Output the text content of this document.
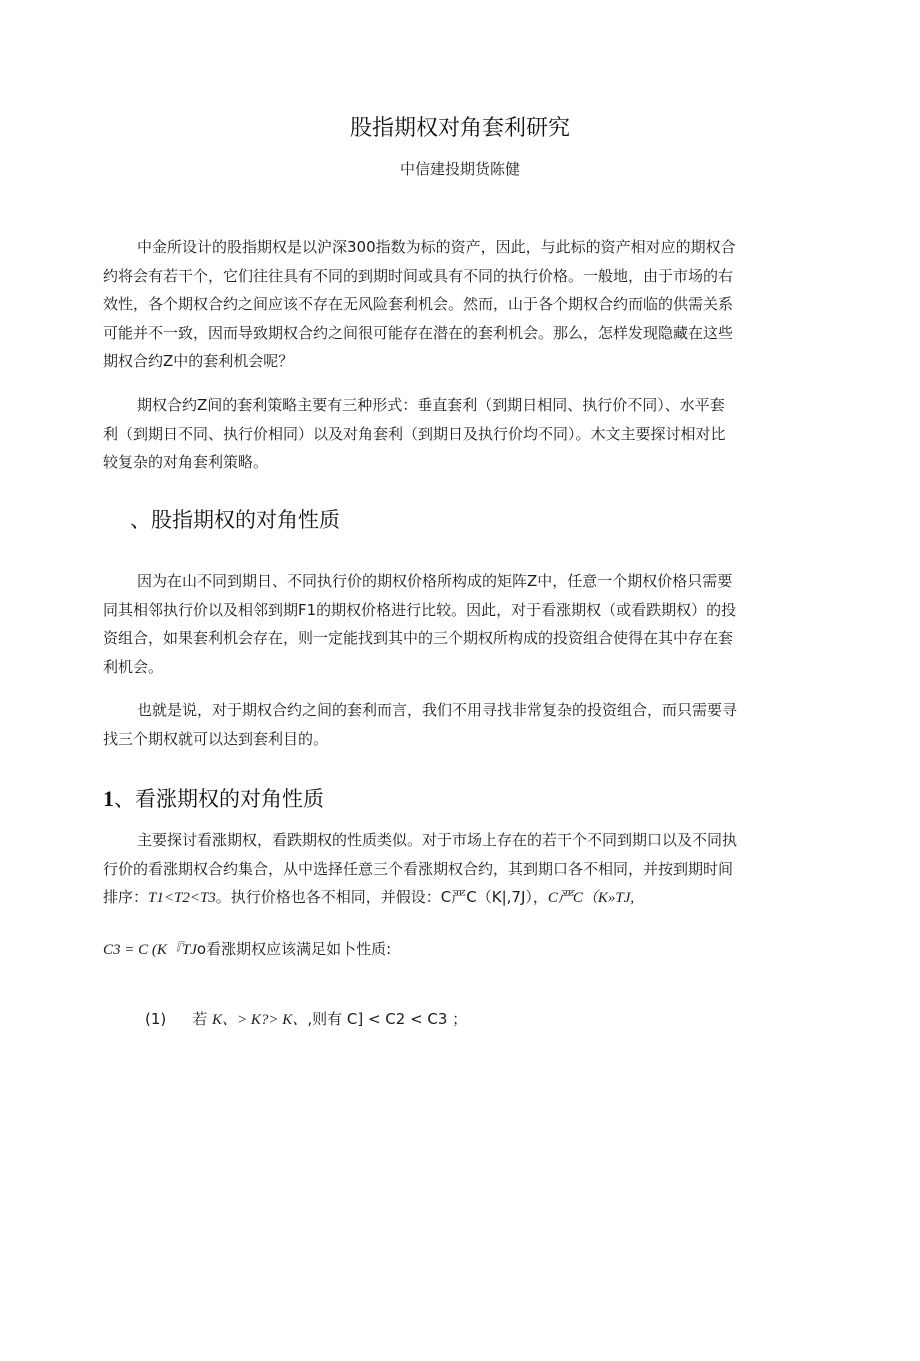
股指期权对角套利研究
中信建投期货陈健
中金所设计的股指期权是以沪深300指数为标的资产，因此，与此标的资产相对应的期权合
约将会有若干个，它们往往具有不同的到期时间或具有不同的执行价格。一般地，由于市场的右
效性，各个期权合约之间应该不存在无风险套利机会。然而，山于各个期权合约而临的供需关系
可能并不一致，因而导致期权合约之间很可能存在潜在的套利机会。那么，怎样发现隐藏在这些
期权合约Z中的套利机会呢？
期权合约Z间的套利策略主要有三种形式：垂直套利（到期日相同、执行价不同）、水平套
利（到期日不同、执行价相同）以及对角套利（到期日及执行价均不同）。木文主要探讨相对比
较复杂的对角套利策略。
、股指期权的对角性质
因为在山不同到期日、不同执行价的期权价格所构成的矩阵Z中，任意一个期权价格只需要
同其相邻执行价以及相邻到期F1的期权价格进行比较。因此，对于看涨期权（或看跌期权）的投
资组合，如果套利机会存在，则一定能找到其中的三个期权所构成的投资组合使得在其中存在套
利机会。
也就是说，对于期权合约之间的套利而言，我们不用寻找非常复杂的投资组合，而只需要寻
找三个期权就可以达到套利目的。
1、看涨期权的对角性质
主要探讨看涨期权，看跌期权的性质类似。对于市场上存在的若干个不同到期口以及不同执
行价的看涨期权合约集合，从中选择任意三个看涨期权合约，其到期口各不相同，并按到期时间
排序：T1<T2<T3。执行价格也各不相同，并假设：C严C（K|,7J），C严C（K»TJ,
C3 = C (K『TJo看涨期权应该满足如卜性质:
(1) 若 K、> K?> K、,则有 C] < C2 < C3 ；
